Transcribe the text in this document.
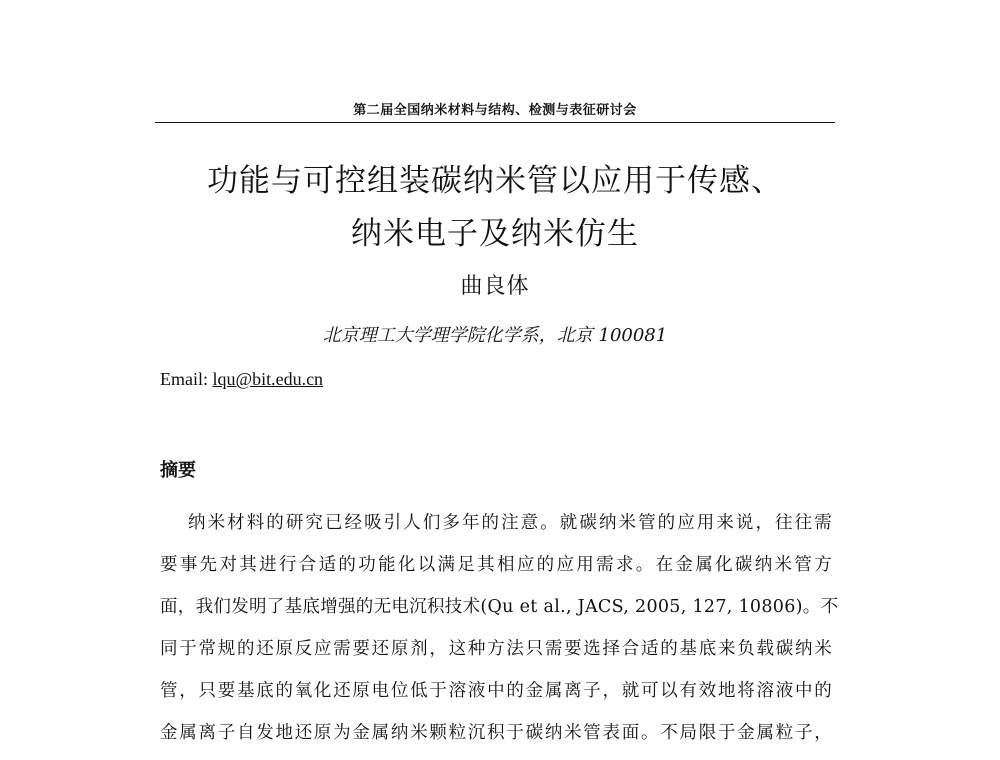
第二届全国纳米材料与结构、检测与表征研讨会
功能与可控组装碳纳米管以应用于传感、
纳米电子及纳米仿生
曲良体
北京理工大学理学院化学系，北京 100081
Email: lqu@bit.edu.cn
摘要
纳米材料的研究已经吸引人们多年的注意。就碳纳米管的应用来说，往往需
要事先对其进行合适的功能化以满足其相应的应用需求。在金属化碳纳米管方
面，我们发明了基底增强的无电沉积技术(Qu et al., JACS, 2005, 127, 10806)。不
同于常规的还原反应需要还原剂，这种方法只需要选择合适的基底来负载碳纳米
管，只要基底的氧化还原电位低于溶液中的金属离子，就可以有效地将溶液中的
金属离子自发地还原为金属纳米颗粒沉积于碳纳米管表面。不局限于金属粒子，
